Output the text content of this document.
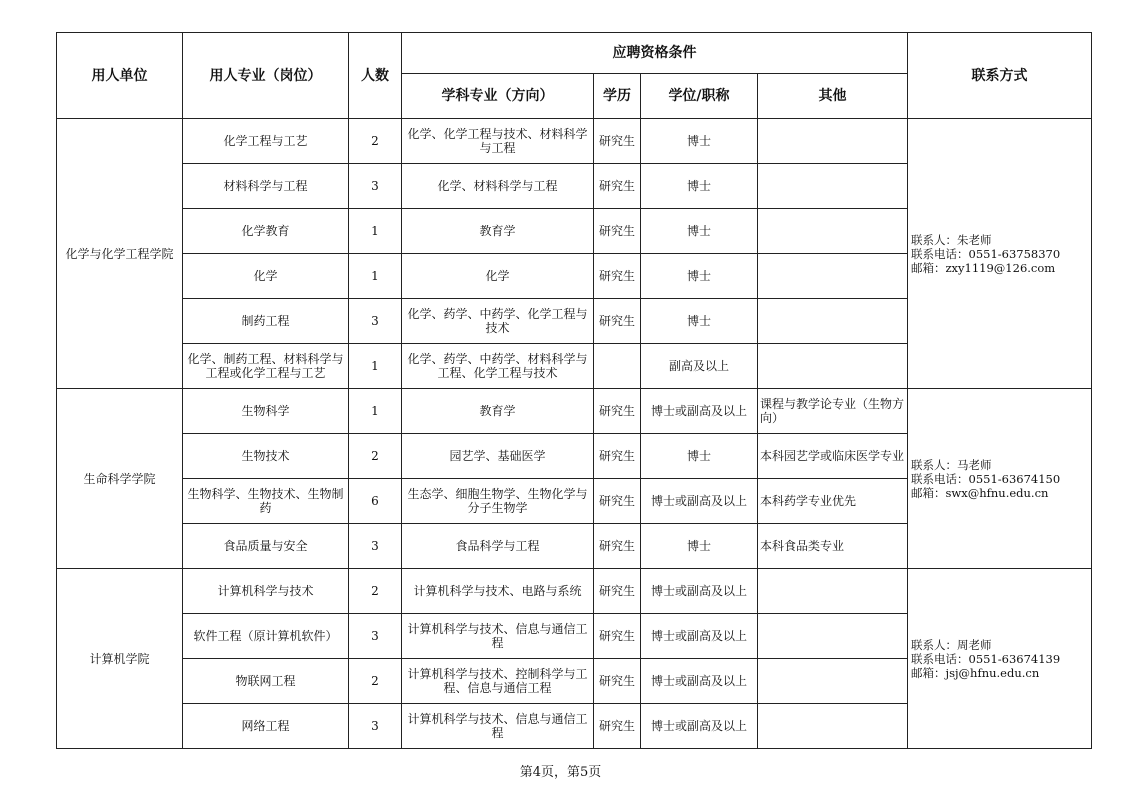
用人单位	用人专业（岗位）	人数	应聘资格条件				联系方式
			学科专业（方向）	学历	学位/职称	其他	
化学与化学工程学院	化学工程与工艺	2	化学、化学工程与技术、材料科学与工程	研究生	博士		联系人：朱老师
联系电话：0551-63758370
邮箱：zxy1119@126.com

	材料科学与工程	3	化学、材料科学与工程	研究生	博士		
	化学教育	1	教育学	研究生	博士		
	化学	1	化学	研究生	博士		
	制药工程	3	化学、药学、中药学、化学工程与技术	研究生	博士		
	化学、制药工程、材料科学与工程或化学工程与工艺	1	化学、药学、中药学、材料科学与工程、化学工程与技术		副高及以上		
生命科学学院	生物科学	1	教育学	研究生	博士或副高及以上	课程与教学论专业（生物方向）	联系人：马老师
联系电话：0551-63674150
邮箱：swx@hfnu.edu.cn

	生物技术	2	园艺学、基础医学	研究生	博士	本科园艺学或临床医学专业	
	生物科学、生物技术、生物制药	6	生态学、细胞生物学、生物化学与分子生物学	研究生	博士或副高及以上	本科药学专业优先	
	食品质量与安全	3	食品科学与工程	研究生	博士	本科食品类专业	
计算机学院	计算机科学与技术	2	计算机科学与技术、电路与系统	研究生	博士或副高及以上		联系人：周老师
联系电话：0551-63674139
邮箱：jsj@hfnu.edu.cn

	软件工程（原计算机软件）	3	计算机科学与技术、信息与通信工程	研究生	博士或副高及以上		
	物联网工程	2	计算机科学与技术、控制科学与工程、信息与通信工程	研究生	博士或副高及以上		
	网络工程	3	计算机科学与技术、信息与通信工程	研究生	博士或副高及以上		
第4页，第5页
